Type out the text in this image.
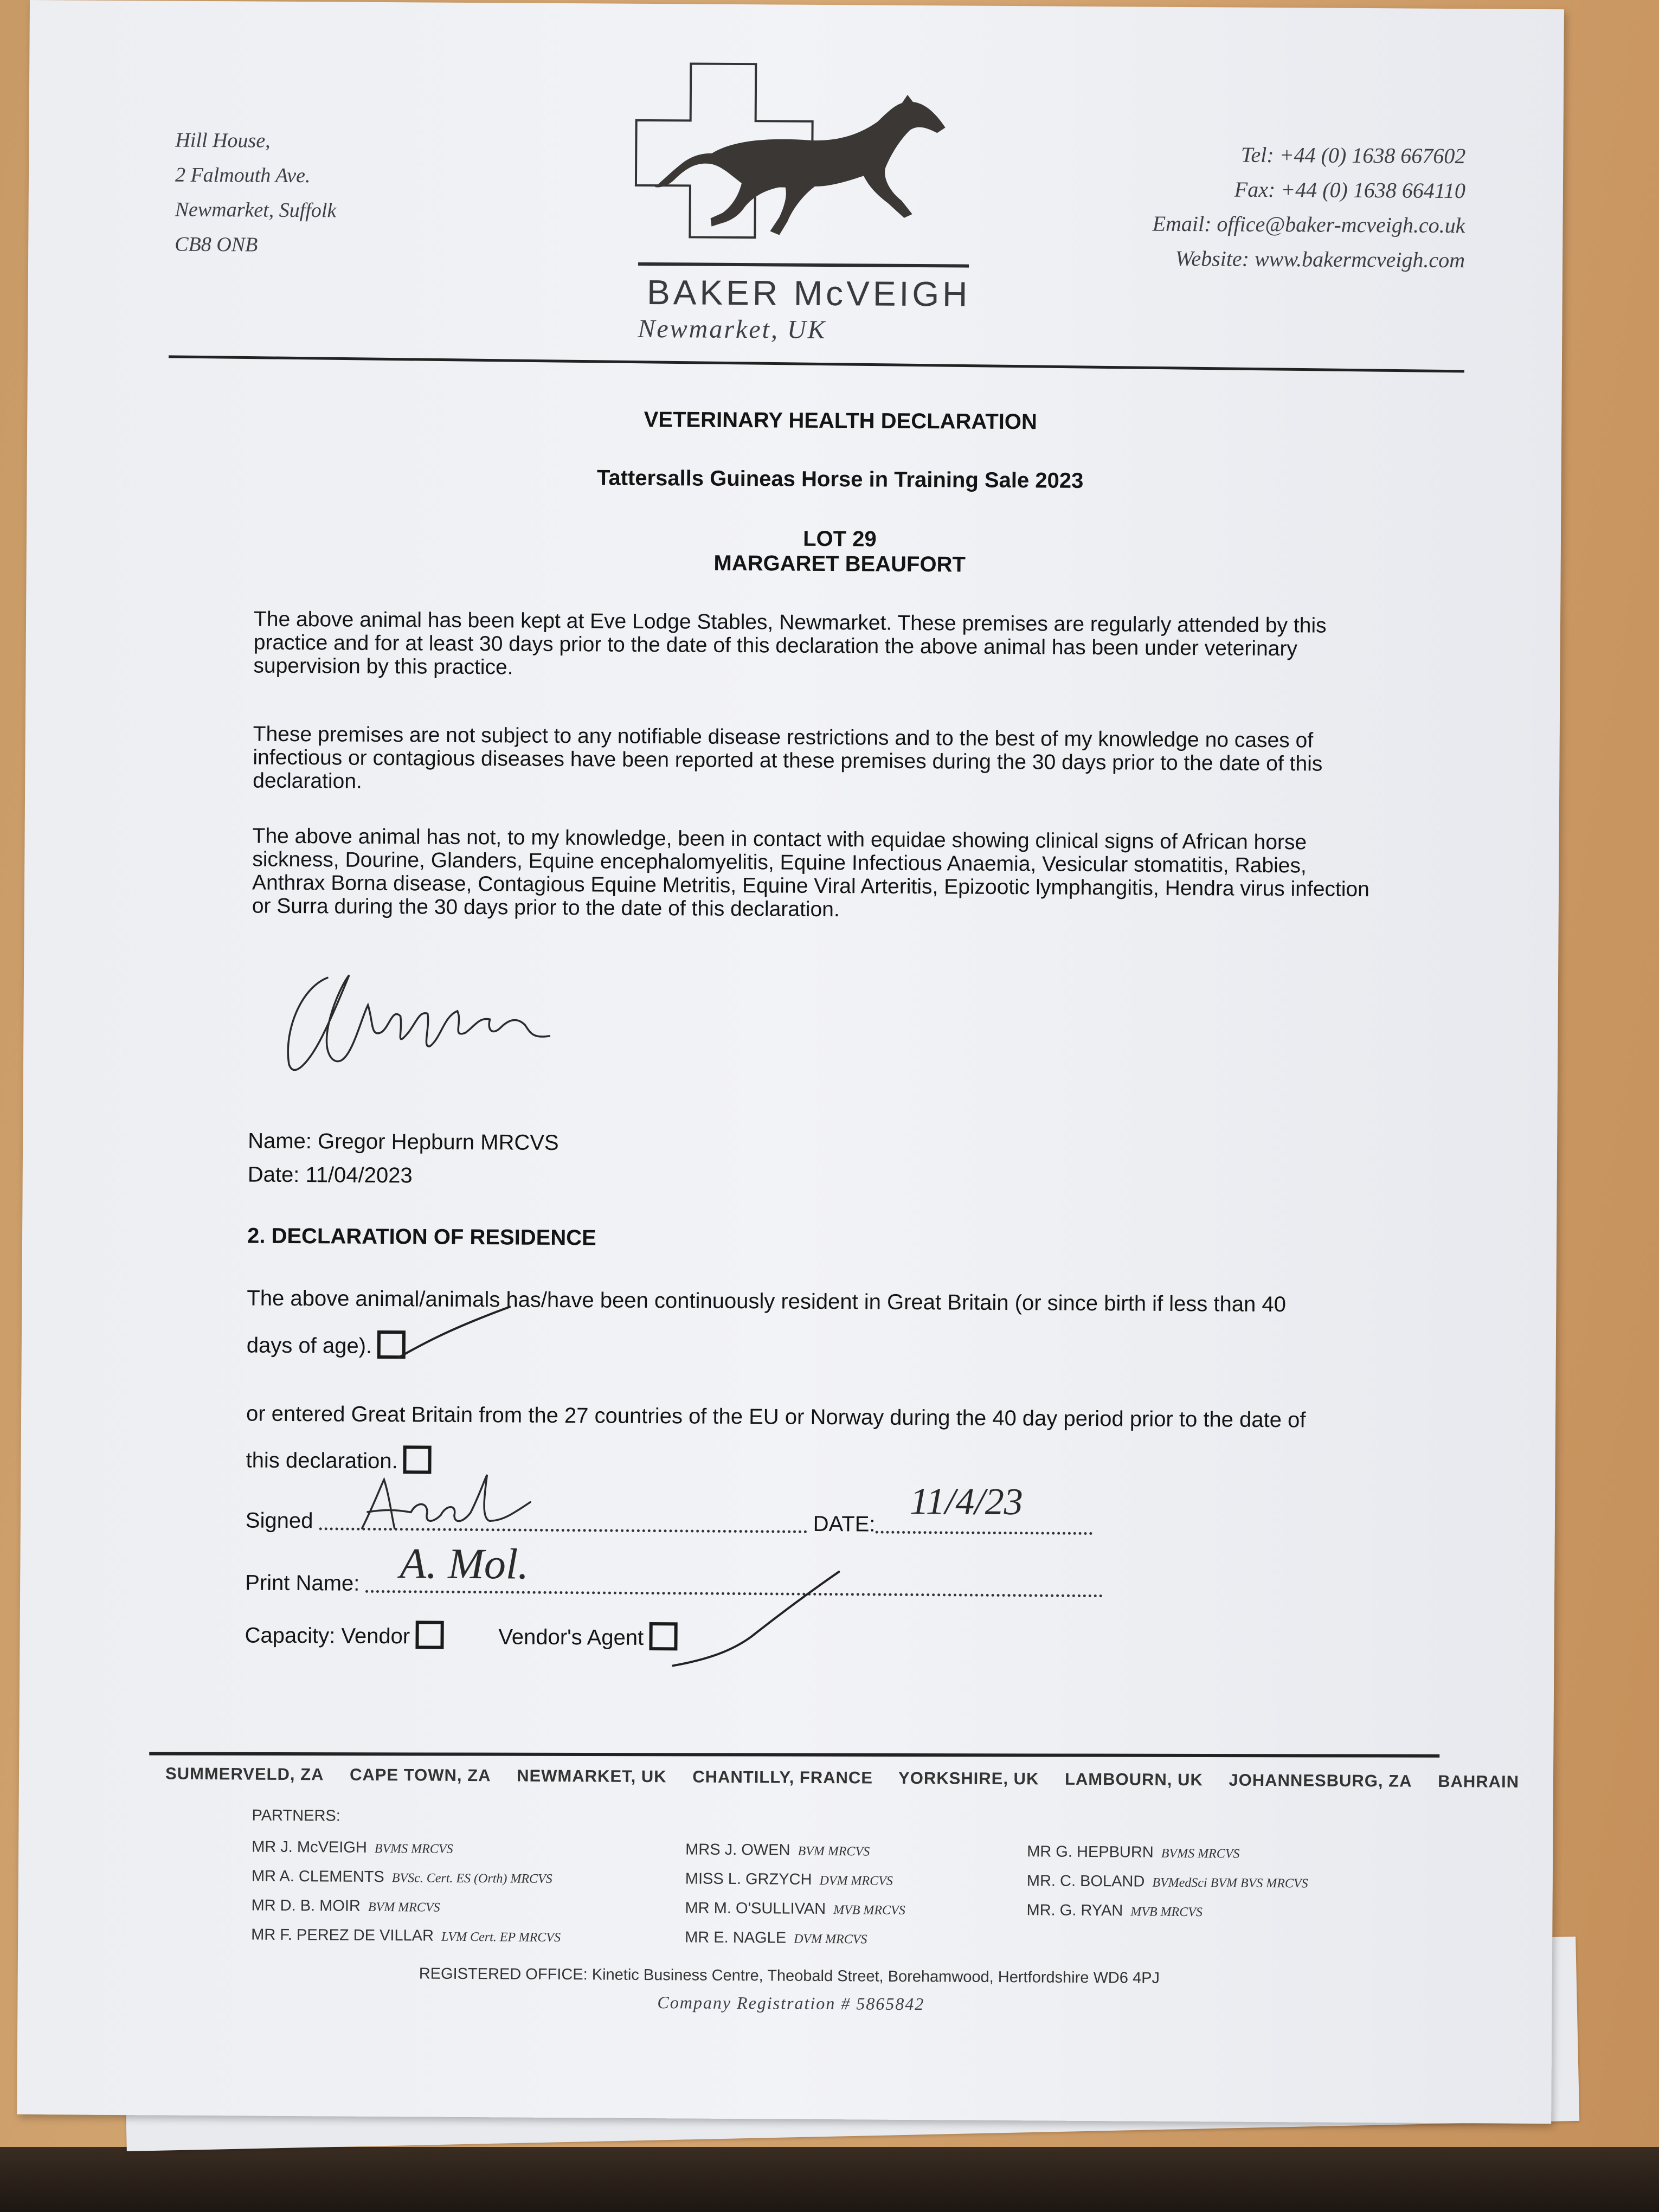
Hill House,
2 Falmouth Ave.
Newmarket, Suffolk
CB8 ONB
BAKER McVEIGH
Newmarket, UK
Tel: +44 (0) 1638 667602
Fax: +44 (0) 1638 664110
Email: office@baker-mcveigh.co.uk
Website: www.bakermcveigh.com
VETERINARY HEALTH DECLARATION
Tattersalls Guineas Horse in Training Sale 2023
LOT 29
MARGARET BEAUFORT
The above animal has been kept at Eve Lodge Stables, Newmarket. These premises are regularly attended by this practice and for at least 30 days prior to the date of this declaration the above animal has been under veterinary supervision by this practice.
These premises are not subject to any notifiable disease restrictions and to the best of my knowledge no cases of infectious or contagious diseases have been reported at these premises during the 30 days prior to the date of this declaration.
The above animal has not, to my knowledge, been in contact with equidae showing clinical signs of African horse sickness, Dourine, Glanders, Equine encephalomyelitis, Equine Infectious Anaemia, Vesicular stomatitis, Rabies, Anthrax Borna disease, Contagious Equine Metritis, Equine Viral Arteritis, Epizootic lymphangitis, Hendra virus infection or Surra during the 30 days prior to the date of this declaration.
Name: Gregor Hepburn MRCVS
Date: 11/04/2023
2. DECLARATION OF RESIDENCE
The above animal/animals has/have been continuously resident in Great Britain (or since birth if less than 40
days of age).
or entered Great Britain from the 27 countries of the EU or Norway during the 40 day period prior to the date of
this declaration.
Signed	DATE:
11/4/23
Print Name: A. Mol.
Capacity: Vendor	Vendor's Agent
SUMMERVELD, ZA CAPE TOWN, ZA NEWMARKET, UK CHANTILLY, FRANCE YORKSHIRE, UK LAMBOURN, UK JOHANNESBURG, ZA BAHRAIN
PARTNERS:
MR J. McVEIGH BVMS MRCVS
MR A. CLEMENTS BVSc. Cert. ES (Orth) MRCVS
MR D. B. MOIR BVM MRCVS
MR F. PEREZ DE VILLAR LVM Cert. EP MRCVS
MRS J. OWEN BVM MRCVS
MISS L. GRZYCH DVM MRCVS
MR M. O'SULLIVAN MVB MRCVS
MR E. NAGLE DVM MRCVS
MR G. HEPBURN BVMS MRCVS
MR. C. BOLAND BVMedSci BVM BVS MRCVS
MR. G. RYAN MVB MRCVS
REGISTERED OFFICE: Kinetic Business Centre, Theobald Street, Borehamwood, Hertfordshire WD6 4PJ
Company Registration # 5865842
